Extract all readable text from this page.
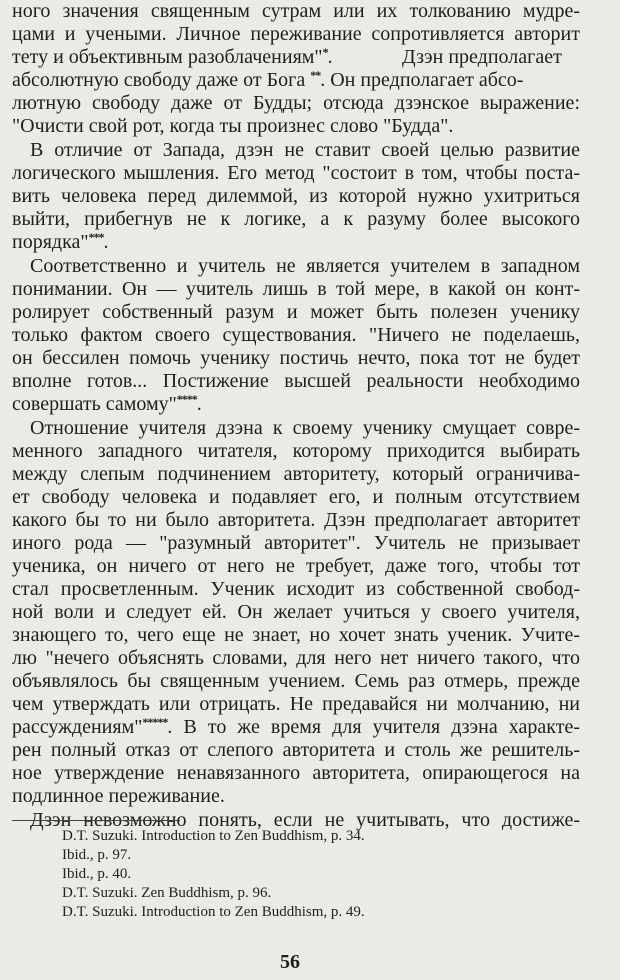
ного значения священным сутрам или их толкованию мудре-
цами и учеными. Личное переживание сопротивляется авторит
тету и объективным разоблачениям"*.	Дзэн предполагает
абсолютную свободу даже от Бога **. Он предполагает абсо-
лютную свободу даже от Будды; отсюда дзэнское выражение:
"Очисти свой рот, когда ты произнес слово "Будда".
В отличие от Запада, дзэн не ставит своей целью развитие
логического мышления. Его метод "состоит в том, чтобы поста-
вить человека перед дилеммой, из которой нужно ухитриться
выйти, прибегнув не к логике, а к разуму более высокого
порядка"***.
Соответственно и учитель не является учителем в западном
понимании. Он — учитель лишь в той мере, в какой он конт-
ролирует собственный разум и может быть полезен ученику
только фактом своего существования. "Ничего не поделаешь,
он бессилен помочь ученику постичь нечто, пока тот не будет
вполне готов... Постижение высшей реальности необходимо
совершать самому"****.
Отношение учителя дзэна к своему ученику смущает совре-
менного западного читателя, которому приходится выбирать
между слепым подчинением авторитету, который ограничива-
ет свободу человека и подавляет его, и полным отсутствием
какого бы то ни было авторитета. Дзэн предполагает авторитет
иного рода — "разумный авторитет". Учитель не призывает
ученика, он ничего от него не требует, даже того, чтобы тот
стал просветленным. Ученик исходит из собственной свобод-
ной воли и следует ей. Он желает учиться у своего учителя,
знающего то, чего еще не знает, но хочет знать ученик. Учите-
лю "нечего объяснять словами, для него нет ничего такого, что
объявлялось бы священным учением. Семь раз отмерь, прежде
чем утверждать или отрицать. Не предавайся ни молчанию, ни
рассуждениям"*****. В то же время для учителя дзэна характе-
рен полный отказ от слепого авторитета и столь же решитель-
ное утверждение ненавязанного авторитета, опирающегося на
подлинное переживание.
Дзэн невозможно понять, если не учитывать, что достиже-
D.T. Suzuki. Introduction to Zen Buddhism, p. 34.
Ibid., p. 97.
Ibid., p. 40.
D.T. Suzuki. Zen Buddhism, p. 96.
D.T. Suzuki. Introduction to Zen Buddhism, p. 49.
56
